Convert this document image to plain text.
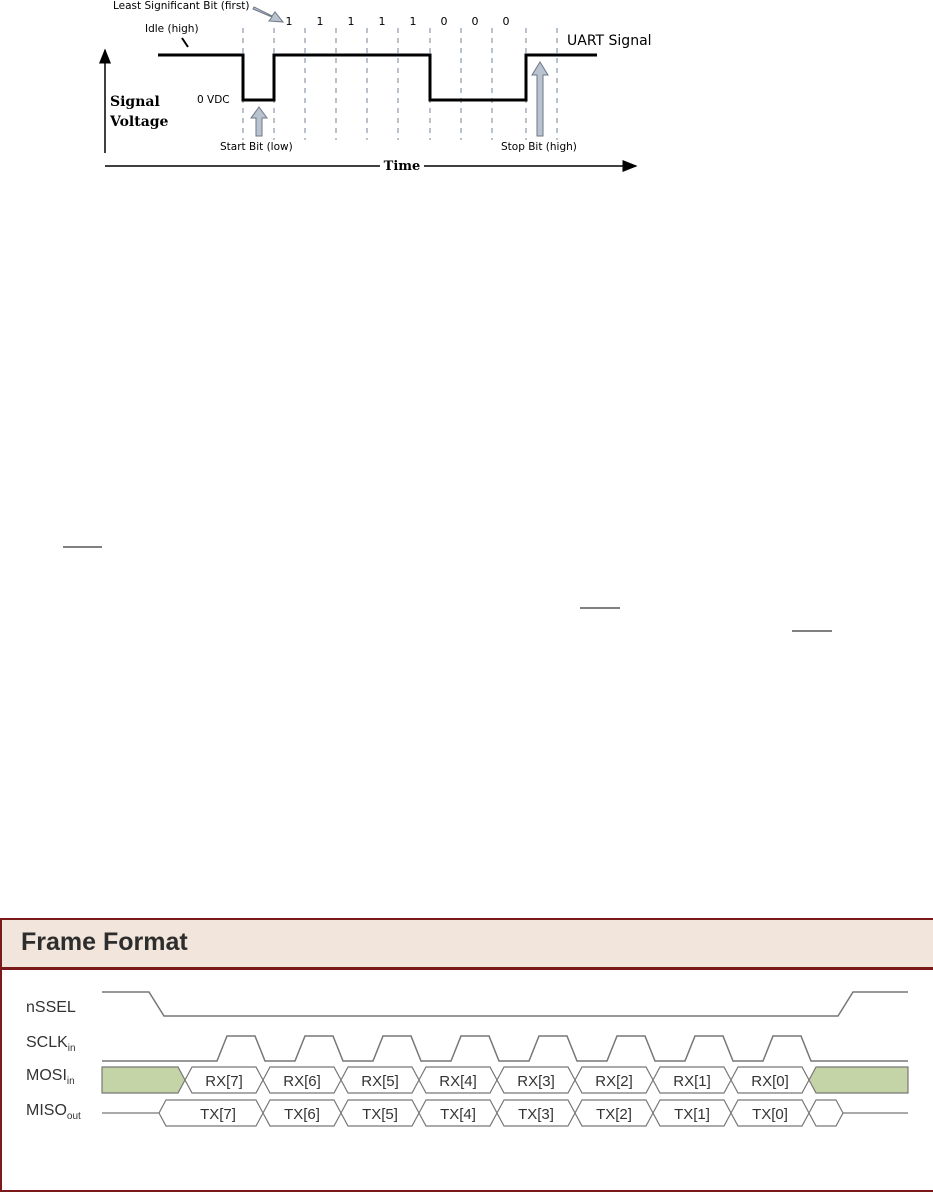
Least Significant Bit (first)
Idle (high)
0 VDC
UART Signal
Signal
Voltage
Time
Start Bit (low)	Stop Bit (high)
1 1 1 1 1 0 0 0
Frame Format
nSSEL
$SCLK_{in}$
$MOSI_{in}$
$MISO_{out}$
RX[7]	RX[6]	RX[5]	RX[4]	RX[3]	RX[2]	RX[1]	RX[0]
TX[7]	TX[6]	TX[5]	TX[4]	TX[3]	TX[2]	TX[1]	TX[0]
